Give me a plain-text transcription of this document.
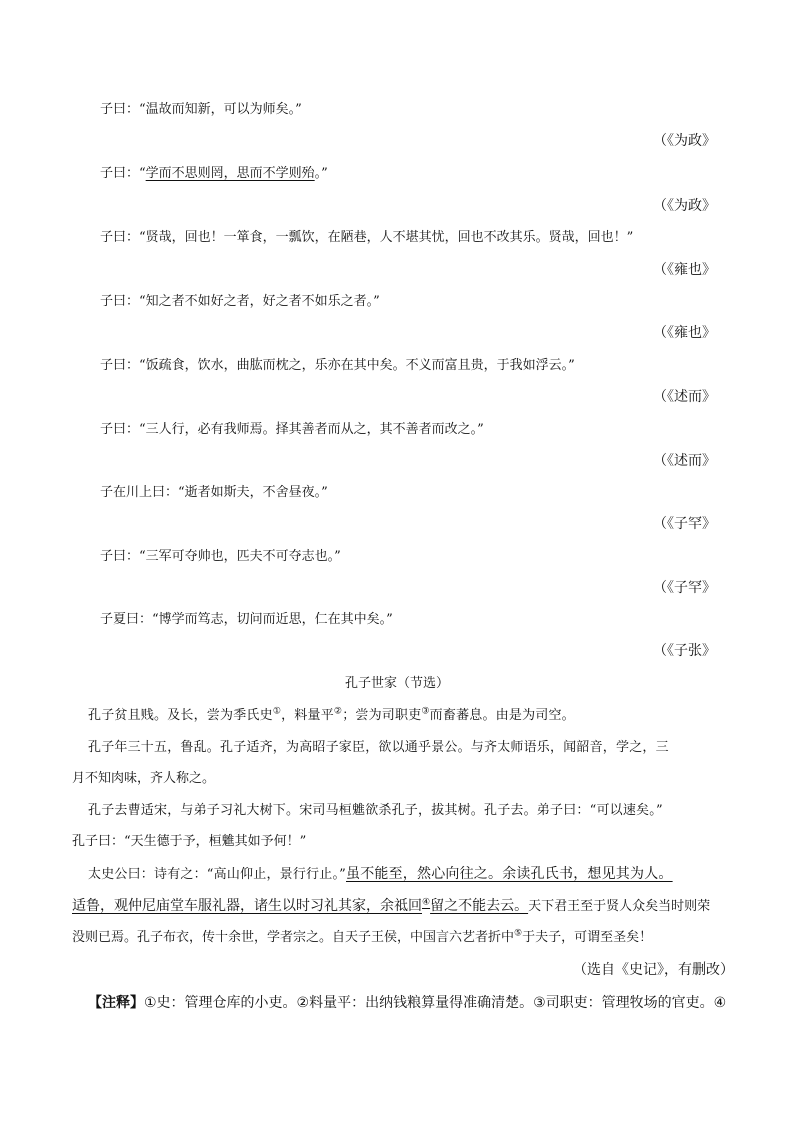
子曰：“温故而知新，可以为师矣。”
（《为政》
子曰：“学而不思则罔，思而不学则殆。”
（《为政》
子曰：“贤哉，回也！一箪食，一瓢饮，在陋巷，人不堪其忧，回也不改其乐。贤哉，回也！”
（《雍也》
子曰：“知之者不如好之者，好之者不如乐之者。”
（《雍也》
子曰：“饭疏食，饮水，曲肱而枕之，乐亦在其中矣。不义而富且贵，于我如浮云。”
（《述而》
子曰：“三人行，必有我师焉。择其善者而从之，其不善者而改之。”
（《述而》
子在川上曰：“逝者如斯夫，不舍昼夜。”
（《子罕》
子曰：“三军可夺帅也，匹夫不可夺志也。”
（《子罕》
子夏曰：“博学而笃志，切问而近思，仁在其中矣。”
（《子张》
孔子世家（节选）
孔子贫且贱。及长，尝为季氏史①，料量平②；尝为司职吏③而畜蕃息。由是为司空。
孔子年三十五，鲁乱。孔子适齐，为高昭子家臣，欲以通乎景公。与齐太师语乐，闻韶音，学之，三
月不知肉味，齐人称之。
孔子去曹适宋，与弟子习礼大树下。宋司马桓魋欲杀孔子，拔其树。孔子去。弟子曰：“可以速矣。”
孔子曰：“天生德于予，桓魋其如予何！”
太史公曰：诗有之：“高山仰止，景行行止。”虽不能至，然心向往之。余读孔氏书，想见其为人。
适鲁，观仲尼庙堂车服礼器，诸生以时习礼其家，余祗回④留之不能去云。天下君王至于贤人众矣当时则荣
没则已焉。孔子布衣，传十余世，学者宗之。自天子王侯，中国言六艺者折中⑤于夫子，可谓至圣矣！
（选自《史记》，有删改）
【注释】①史：管理仓库的小吏。②料量平：出纳钱粮算量得准确清楚。③司职吏：管理牧场的官吏。④
